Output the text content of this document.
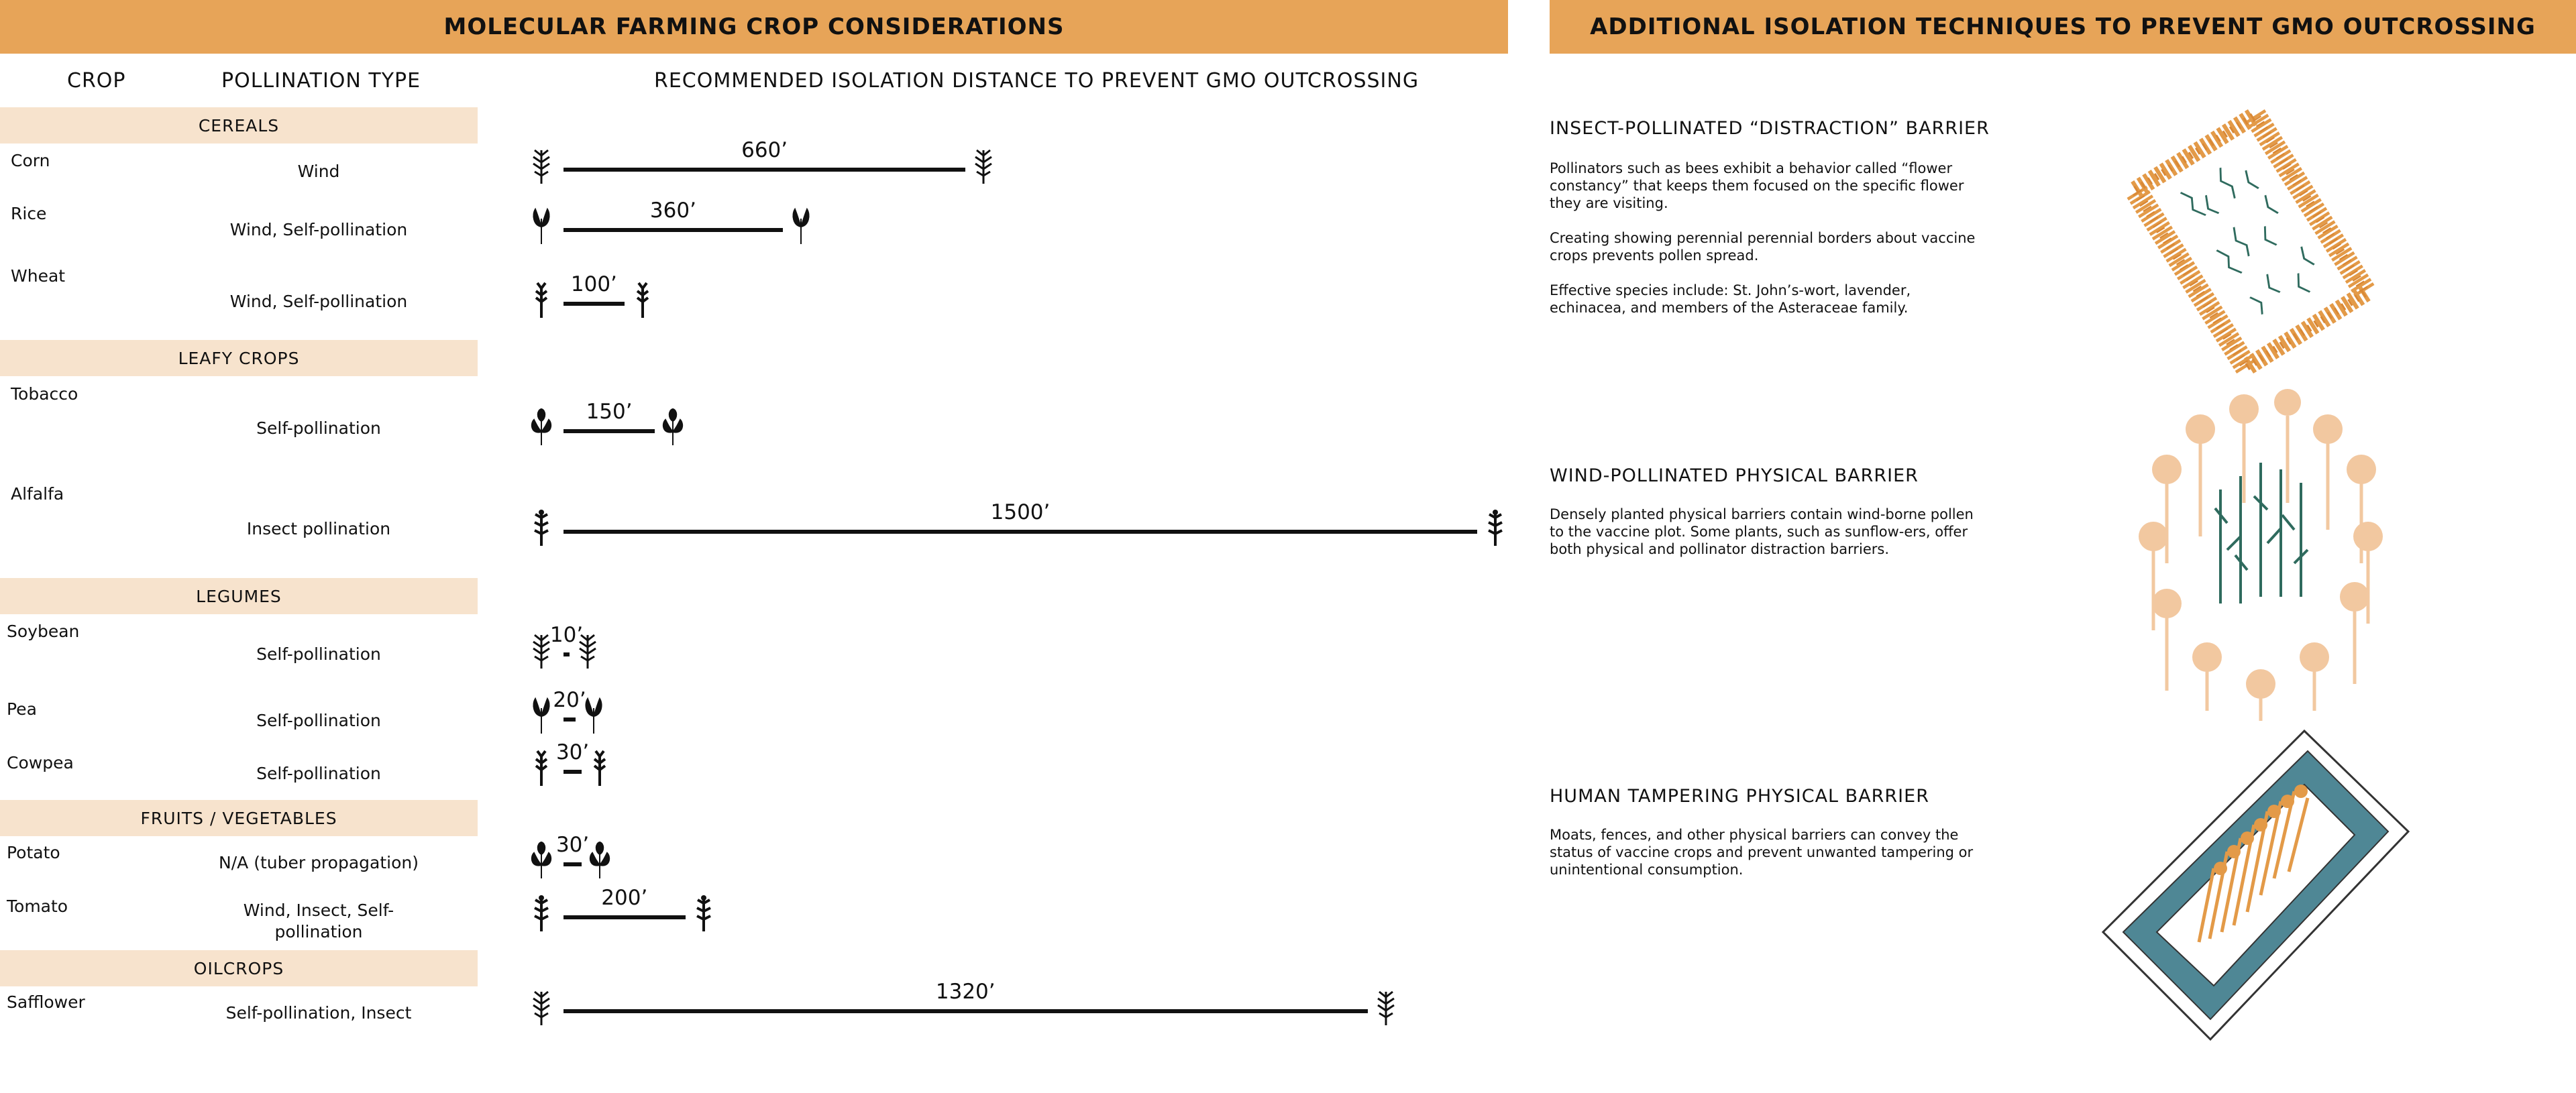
MOLECULAR FARMING CROP CONSIDERATIONS
CROP	POLLINATION TYPE	RECOMMENDED ISOLATION DISTANCE TO PREVENT GMO OUTCROSSING
CEREALS
LEAFY CROPS
LEGUMES
FRUITS / VEGETABLES
OILCROPS
Corn
Rice
Wheat
Tobacco
Alfalfa
Soybean
Pea
Cowpea
Potato
Tomato
Safflower
Wind
Wind, Self-pollination
Wind, Self-pollination
Self-pollination
Insect pollination
Self-pollination
Self-pollination
Self-pollination
N/A (tuber propagation)
Wind, Insect, Self-pollination
Self-pollination, Insect
660’
360’
100’
150’
1500’
10’
20’
30’
30’
200’
1320’
ADDITIONAL ISOLATION TECHNIQUES TO PREVENT GMO OUTCROSSING
INSECT-POLLINATED “DISTRACTION” BARRIER

Pollinators such as bees exhibit a behavior called “flower constancy” that keeps them focused on the specific flower they are visiting.

Creating showing perennial perennial borders about vaccine crops prevents pollen spread.

Effective species include: St. John’s-wort, lavender, echinacea, and members of the Asteraceae family.

WIND-POLLINATED PHYSICAL BARRIER

Densely planted physical barriers contain wind-borne pollen to the vaccine plot. Some plants, such as sunflow-ers, offer both physical and pollinator distraction barriers.

HUMAN TAMPERING PHYSICAL BARRIER

Moats, fences, and other physical barriers can convey the status of vaccine crops and prevent unwanted tampering or unintentional consumption.
